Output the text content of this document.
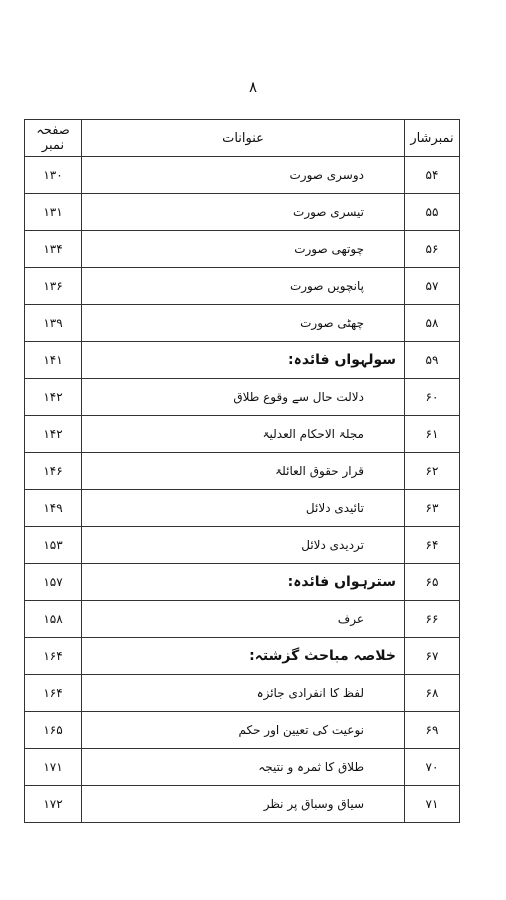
۸
نمبرشار	عنوانات	صفحہ نمبر
۵۴	دوسری صورت	۱۳۰
۵۵	تیسری صورت	۱۳۱
۵۶	چوتھی صورت	۱۳۴
۵۷	پانچویں صورت	۱۳۶
۵۸	چھٹی صورت	۱۳۹
۵۹	سولہواں فائدہ:	۱۴۱
۶۰	دلالت حال سے وقوع طلاق	۱۴۲
۶۱	مجلۃ الاحکام العدلیۃ	۱۴۲
۶۲	قرار حقوق العائلۃ	۱۴۶
۶۳	تائیدی دلائل	۱۴۹
۶۴	تردیدی دلائل	۱۵۳
۶۵	سترہواں فائدہ:	۱۵۷
۶۶	عرف	۱۵۸
۶۷	خلاصہ مباحث گزشتہ:	۱۶۴
۶۸	لفظ کا انفرادی جائزہ	۱۶۴
۶۹	نوعیت کی تعیین اور حکم	۱۶۵
۷۰	طلاق کا ثمرہ و نتیجہ	۱۷۱
۷۱	سیاق وسباق پر نظر	۱۷۲
